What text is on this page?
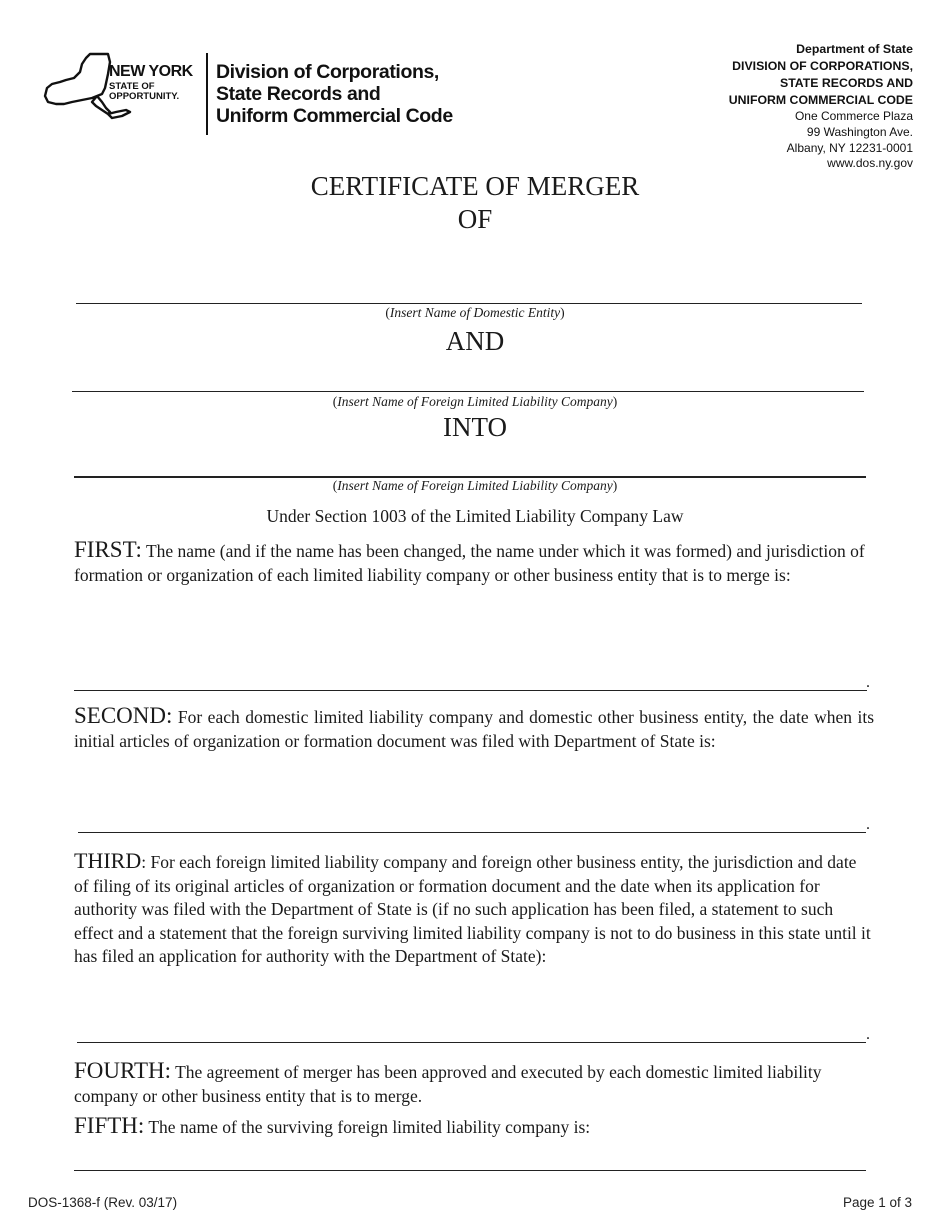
NEW YORK
STATE OF
OPPORTUNITY.
Division of Corporations,
State Records and
Uniform Commercial Code
Department of State
DIVISION OF CORPORATIONS,
STATE RECORDS AND
UNIFORM COMMERCIAL CODE
One Commerce Plaza
99 Washington Ave.
Albany, NY 12231-0001
www.dos.ny.gov
CERTIFICATE OF MERGER
OF
(Insert Name of Domestic Entity)
AND
(Insert Name of Foreign Limited Liability Company)
INTO
(Insert Name of Foreign Limited Liability Company)
Under Section 1003 of the Limited Liability Company Law
FIRST: The name (and if the name has been changed, the name under which it was formed) and jurisdiction of formation or organization of each limited liability company or other business entity that is to merge is:
.
SECOND: For each domestic limited liability company and domestic other business entity, the date when its initial articles of organization or formation document was filed with Department of State is:
.
THIRD: For each foreign limited liability company and foreign other business entity, the jurisdiction and date of filing of its original articles of organization or formation document and the date when its application for authority was filed with the Department of State is (if no such application has been filed, a statement to such effect and a statement that the foreign surviving limited liability company is not to do business in this state until it has filed an application for authority with the Department of State):
.
FOURTH: The agreement of merger has been approved and executed by each domestic limited liability company or other business entity that is to merge.
FIFTH: The name of the surviving foreign limited liability company is:
DOS-1368-f (Rev. 03/17)	Page 1 of 3
